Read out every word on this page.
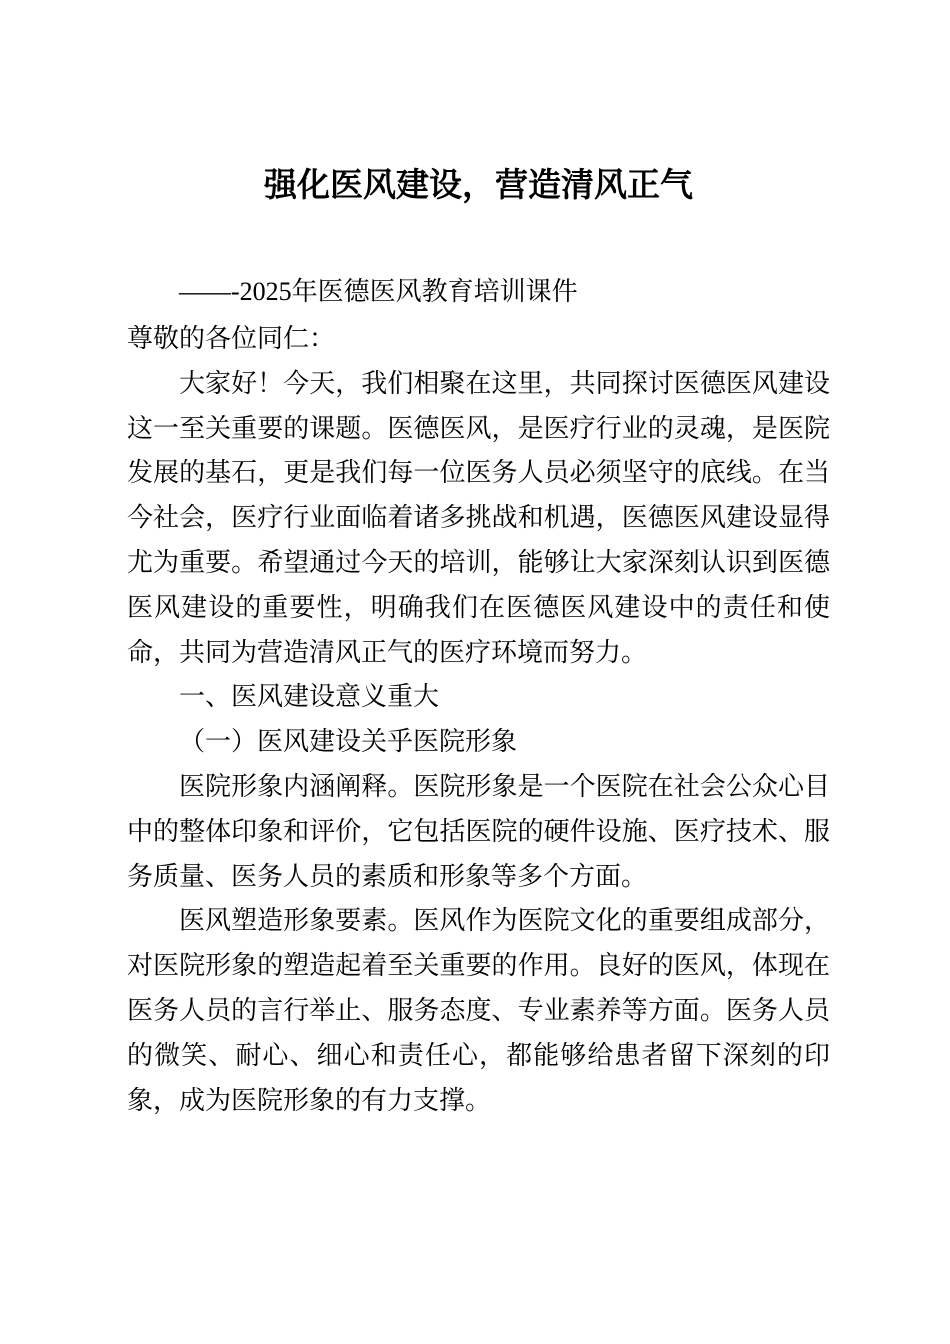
强化医风建设，营造清风正气
——-2025年医德医风教育培训课件
尊敬的各位同仁：
大家好！今天，我们相聚在这里，共同探讨医德医风建设
这一至关重要的课题。医德医风，是医疗行业的灵魂，是医院
发展的基石，更是我们每一位医务人员必须坚守的底线。在当
今社会，医疗行业面临着诸多挑战和机遇，医德医风建设显得
尤为重要。希望通过今天的培训，能够让大家深刻认识到医德
医风建设的重要性，明确我们在医德医风建设中的责任和使
命，共同为营造清风正气的医疗环境而努力。
一、医风建设意义重大
（一）医风建设关乎医院形象
医院形象内涵阐释。医院形象是一个医院在社会公众心目
中的整体印象和评价，它包括医院的硬件设施、医疗技术、服
务质量、医务人员的素质和形象等多个方面。
医风塑造形象要素。医风作为医院文化的重要组成部分，
对医院形象的塑造起着至关重要的作用。良好的医风，体现在
医务人员的言行举止、服务态度、专业素养等方面。医务人员
的微笑、耐心、细心和责任心，都能够给患者留下深刻的印
象，成为医院形象的有力支撑。
